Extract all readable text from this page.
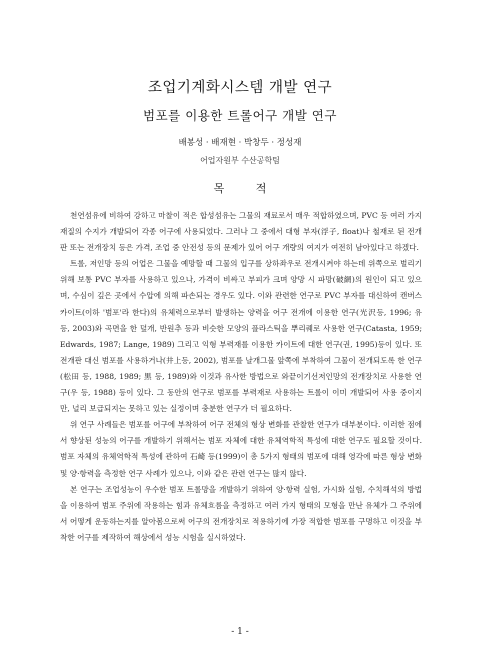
조업기계화시스템 개발 연구
범포를 이용한 트롤어구 개발 연구
배봉성 · 배재현 · 박창두 · 정성재
어업자원부 수산공학팀
목 적

천연섬유에 비하여 강하고 마찰이 적은 합성섬유는 그물의 재료로서 매우 적합하였으며, PVC 등 여러 가지 재질의 수지가 개발되어 각종 어구에 사용되었다. 그러나 그 중에서 대형 부자(浮子, float)나 철재로 된 전개판 또는 전개장치 등은 가격, 조업 중 안전성 등의 문제가 있어 어구 개량의 여지가 여전히 남아있다고 하겠다.

트롤, 저인망 등의 어업은 그물을 예망할 때 그물의 입구를 상하좌우로 전개시켜야 하는데 위쪽으로 벌리기 위해 보통 PVC 부자를 사용하고 있으나, 가격이 비싸고 부피가 크며 양망 시 파망(破網)의 원인이 되고 있으며, 수심이 깊은 곳에서 수압에 의해 파손되는 경우도 있다. 이와 관련한 연구로 PVC 부자를 대신하여 캔버스 카이트(이하 '범포'라 한다)의 유체력으로부터 발생하는 양력을 어구 전개에 이용한 연구(光沢등, 1996; 유 등, 2003)와 곡면을 한 덮개, 반원추 등과 비슷한 모양의 플라스틱을 뿌리퀘로 사용한 연구(Catasta, 1959; Edwards, 1987; Lange, 1989) 그리고 익형 부력재를 이용한 카이트에 대한 연구(권, 1995)등이 있다. 또 전개판 대신 범포를 사용하거나(井上등, 2002), 범포를 날개그물 앞쪽에 부착하여 그물이 전개되도록 한 연구(松田 등, 1988, 1989; 黒 등, 1989)와 이것과 유사한 방법으로 와끝이기선저인망의 전개장치로 사용한 연구(우 등, 1988) 등이 있다. 그 동안의 연구로 범포를 부력재로 사용하는 트롤이 이미 개발되어 사용 중이지만, 널리 보급되지는 못하고 있는 실정이며 충분한 연구가 더 필요하다.

위 연구 사례들은 범포를 어구에 부착하여 어구 전체의 형상 변화를 관찰한 연구가 대부분이다. 이러한 점에서 향상된 성능의 어구를 개발하기 위해서는 범포 자체에 대한 유체역학적 특성에 대한 연구도 필요할 것이다. 범포 자체의 유체역학적 특성에 관하여 石崎 등(1999)이 총 5가지 형태의 범포에 대해 영각에 따른 형상 변화 및 양·항력을 측정한 연구 사례가 있으나, 이와 같은 관련 연구는 많지 않다.

본 연구는 조업성능이 우수한 범포 트롤망을 개발하기 위하여 양·항력 실험, 가시화 실험, 수치해석의 방법을 이용하여 범포 주위에 작용하는 힘과 유체흐름을 측정하고 여러 가지 형태의 모형을 만난 유체가 그 주위에서 어떻게 운동하는지를 알아봄으로써 어구의 전개장치로 적용하기에 가장 적합한 범포를 구명하고 이것을 부착한 어구를 제작하여 해상에서 성능 시험을 실시하였다.

- 1 -
